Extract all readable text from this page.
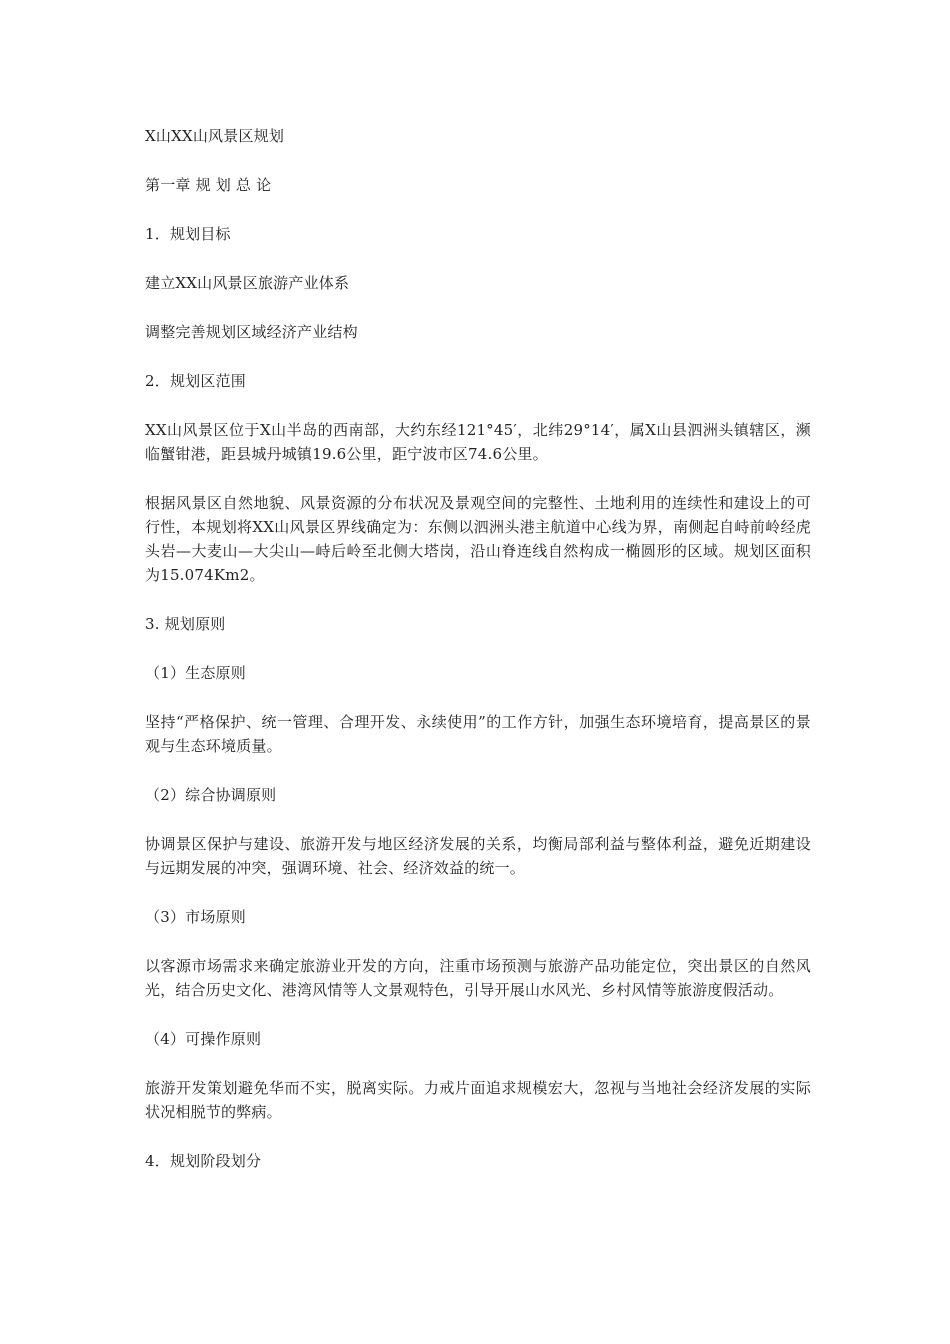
X山XX山风景区规划

第一章 规 划 总 论

1．规划目标

建立XX山风景区旅游产业体系

调整完善规划区域经济产业结构

2．规划区范围

XX山风景区位于X山半岛的西南部，大约东经121°45′，北纬29°14′，属X山县泗洲头镇辖区，濒临蟹钳港，距县城丹城镇19.6公里，距宁波市区74.6公里。

根据风景区自然地貌、风景资源的分布状况及景观空间的完整性、土地利用的连续性和建设上的可行性，本规划将XX山风景区界线确定为：东侧以泗洲头港主航道中心线为界，南侧起自峙前岭经虎头岩—大麦山—大尖山—峙后岭至北侧大塔岗，沿山脊连线自然构成一椭圆形的区域。规划区面积为15.074Km2。

3. 规划原则

（1）生态原则

坚持“严格保护、统一管理、合理开发、永续使用”的工作方针，加强生态环境培育，提高景区的景观与生态环境质量。

（2）综合协调原则

协调景区保护与建设、旅游开发与地区经济发展的关系，均衡局部利益与整体利益，避免近期建设与远期发展的冲突，强调环境、社会、经济效益的统一。

（3）市场原则

以客源市场需求来确定旅游业开发的方向，注重市场预测与旅游产品功能定位，突出景区的自然风光，结合历史文化、港湾风情等人文景观特色，引导开展山水风光、乡村风情等旅游度假活动。

（4）可操作原则

旅游开发策划避免华而不实，脱离实际。力戒片面追求规模宏大，忽视与当地社会经济发展的实际状况相脱节的弊病。

4．规划阶段划分
